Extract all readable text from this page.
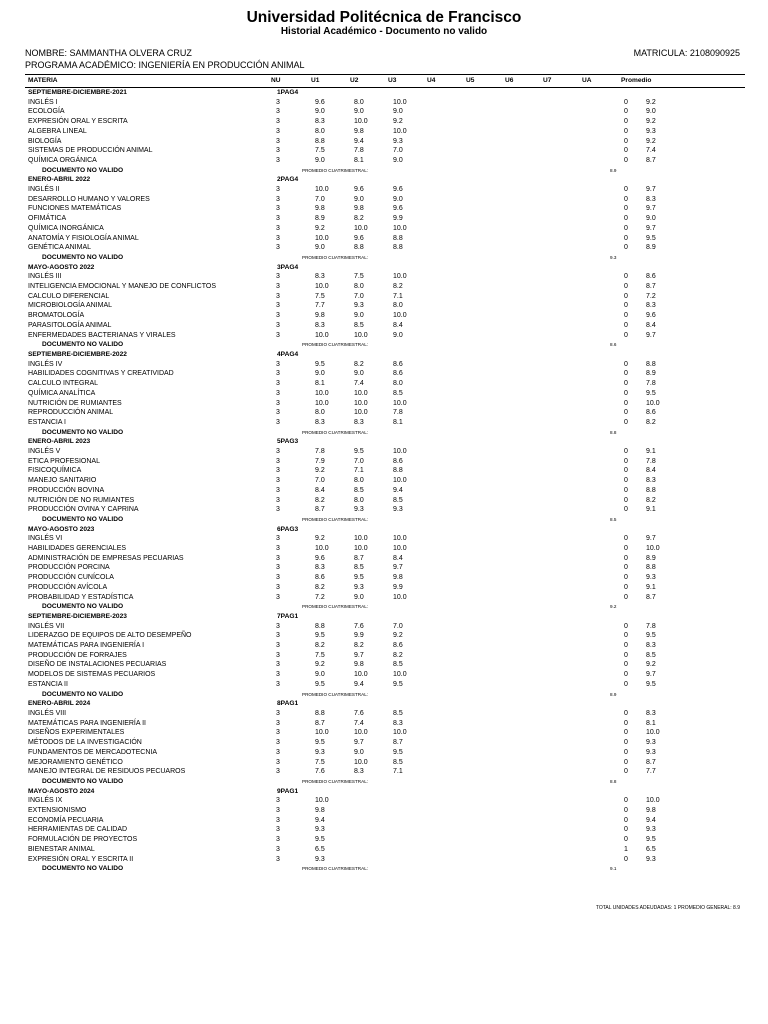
Universidad Politécnica de Francisco
Historial Académico - Documento no valido
NOMBRE: SAMMANTHA OLVERA CRUZ	MATRICULA: 2108090925
PROGRAMA ACADÉMICO: INGENIERÍA EN PRODUCCIÓN ANIMAL
MATERIA	NU	U1	U2	U3	U4	U5	U6	U7	UA	Promedio
SEPTIEMBRE-DICIEMBRE-2021	1PAG4
INGLÉS I	3	9.6	8.0	10.0	0	9.2
ECOLOGÍA	3	9.0	9.0	9.0	0	9.0
EXPRESIÓN ORAL Y ESCRITA	3	8.3	10.0	9.2	0	9.2
ALGEBRA LINEAL	3	8.0	9.8	10.0	0	9.3
BIOLOGÍA	3	8.8	9.4	9.3	0	9.2
SISTEMAS DE PRODUCCIÓN ANIMAL	3	7.5	7.8	7.0	0	7.4
QUÍMICA ORGÁNICA	3	9.0	8.1	9.0	0	8.7
DOCUMENTO NO VALIDO	PROMEDIO CUATRIMESTRAL:	8.9
ENERO-ABRIL 2022	2PAG4
INGLÉS II	3	10.0	9.6	9.6	0	9.7
DESARROLLO HUMANO Y VALORES	3	7.0	9.0	9.0	0	8.3
FUNCIONES MATEMÁTICAS	3	9.8	9.8	9.6	0	9.7
OFIMÁTICA	3	8.9	8.2	9.9	0	9.0
QUÍMICA INORGÁNICA	3	9.2	10.0	10.0	0	9.7
ANATOMÍA Y FISIOLOGÍA ANIMAL	3	10.0	9.6	8.8	0	9.5
GENÉTICA ANIMAL	3	9.0	8.8	8.8	0	8.9
DOCUMENTO NO VALIDO	PROMEDIO CUATRIMESTRAL:	9.3
MAYO-AGOSTO 2022	3PAG4
INGLÉS III	3	8.3	7.5	10.0	0	8.6
INTELIGENCIA EMOCIONAL Y MANEJO DE CONFLICTOS	3	10.0	8.0	8.2	0	8.7
CALCULO DIFERENCIAL	3	7.5	7.0	7.1	0	7.2
MICROBIOLOGÍA ANIMAL	3	7.7	9.3	8.0	0	8.3
BROMATOLOGÍA	3	9.8	9.0	10.0	0	9.6
PARASITOLOGÍA ANIMAL	3	8.3	8.5	8.4	0	8.4
ENFERMEDADES BACTERIANAS Y VIRALES	3	10.0	10.0	9.0	0	9.7
DOCUMENTO NO VALIDO	PROMEDIO CUATRIMESTRAL:	8.6
SEPTIEMBRE-DICIEMBRE-2022	4PAG4
INGLÉS IV	3	9.5	8.2	8.6	0	8.8
HABILIDADES COGNITIVAS Y CREATIVIDAD	3	9.0	9.0	8.6	0	8.9
CALCULO INTEGRAL	3	8.1	7.4	8.0	0	7.8
QUÍMICA ANALÍTICA	3	10.0	10.0	8.5	0	9.5
NUTRICIÓN DE RUMIANTES	3	10.0	10.0	10.0	0	10.0
REPRODUCCIÓN ANIMAL	3	8.0	10.0	7.8	0	8.6
ESTANCIA I	3	8.3	8.3	8.1	0	8.2
DOCUMENTO NO VALIDO	PROMEDIO CUATRIMESTRAL:	8.8
ENERO-ABRIL 2023	5PAG3
INGLÉS V	3	7.8	9.5	10.0	0	9.1
ETICA PROFESIONAL	3	7.9	7.0	8.6	0	7.8
FISICOQUÍMICA	3	9.2	7.1	8.8	0	8.4
MANEJO SANITARIO	3	7.0	8.0	10.0	0	8.3
PRODUCCIÓN BOVINA	3	8.4	8.5	9.4	0	8.8
NUTRICIÓN DE NO RUMIANTES	3	8.2	8.0	8.5	0	8.2
PRODUCCIÓN OVINA Y CAPRINA	3	8.7	9.3	9.3	0	9.1
DOCUMENTO NO VALIDO	PROMEDIO CUATRIMESTRAL:	8.5
MAYO-AGOSTO 2023	6PAG3
INGLÉS VI	3	9.2	10.0	10.0	0	9.7
HABILIDADES GERENCIALES	3	10.0	10.0	10.0	0	10.0
ADMINISTRACIÓN DE EMPRESAS PECUARIAS	3	9.6	8.7	8.4	0	8.9
PRODUCCIÓN PORCINA	3	8.3	8.5	9.7	0	8.8
PRODUCCIÓN CUNÍCOLA	3	8.6	9.5	9.8	0	9.3
PRODUCCIÓN AVÍCOLA	3	8.2	9.3	9.9	0	9.1
PROBABILIDAD Y ESTADÍSTICA	3	7.2	9.0	10.0	0	8.7
DOCUMENTO NO VALIDO	PROMEDIO CUATRIMESTRAL:	9.2
SEPTIEMBRE-DICIEMBRE-2023	7PAG1
INGLÉS VII	3	8.8	7.6	7.0	0	7.8
LIDERAZGO DE EQUIPOS DE ALTO DESEMPEÑO	3	9.5	9.9	9.2	0	9.5
MATEMÁTICAS PARA INGENIERÍA I	3	8.2	8.2	8.6	0	8.3
PRODUCCIÓN DE FORRAJES	3	7.5	9.7	8.2	0	8.5
DISEÑO DE INSTALACIONES PECUARIAS	3	9.2	9.8	8.5	0	9.2
MODELOS DE SISTEMAS PECUARIOS	3	9.0	10.0	10.0	0	9.7
ESTANCIA II	3	9.5	9.4	9.5	0	9.5
DOCUMENTO NO VALIDO	PROMEDIO CUATRIMESTRAL:	8.9
ENERO-ABRIL 2024	8PAG1
INGLÉS VIII	3	8.8	7.6	8.5	0	8.3
MATEMÁTICAS PARA INGENIERÍA II	3	8.7	7.4	8.3	0	8.1
DISEÑOS EXPERIMENTALES	3	10.0	10.0	10.0	0	10.0
MÉTODOS DE LA INVESTIGACIÓN	3	9.5	9.7	8.7	0	9.3
FUNDAMENTOS DE MERCADOTECNIA	3	9.3	9.0	9.5	0	9.3
MEJORAMIENTO GENÉTICO	3	7.5	10.0	8.5	0	8.7
MANEJO INTEGRAL DE RESIDUOS PECUAROS	3	7.6	8.3	7.1	0	7.7
DOCUMENTO NO VALIDO	PROMEDIO CUATRIMESTRAL:	8.8
MAYO-AGOSTO 2024	9PAG1
INGLÉS IX	3	10.0	0	10.0
EXTENSIONISMO	3	9.8	0	9.8
ECONOMÍA PECUARIA	3	9.4	0	9.4
HERRAMIENTAS DE CALIDAD	3	9.3	0	9.3
FORMULACIÓN DE PROYECTOS	3	9.5	0	9.5
BIENESTAR ANIMAL	3	6.5	1	6.5
EXPRESIÓN ORAL Y ESCRITA II	3	9.3	0	9.3
DOCUMENTO NO VALIDO	PROMEDIO CUATRIMESTRAL:	9.1
TOTAL UNIDADES ADEUDADAS: 1 PROMEDIO GENERAL: 8.9
